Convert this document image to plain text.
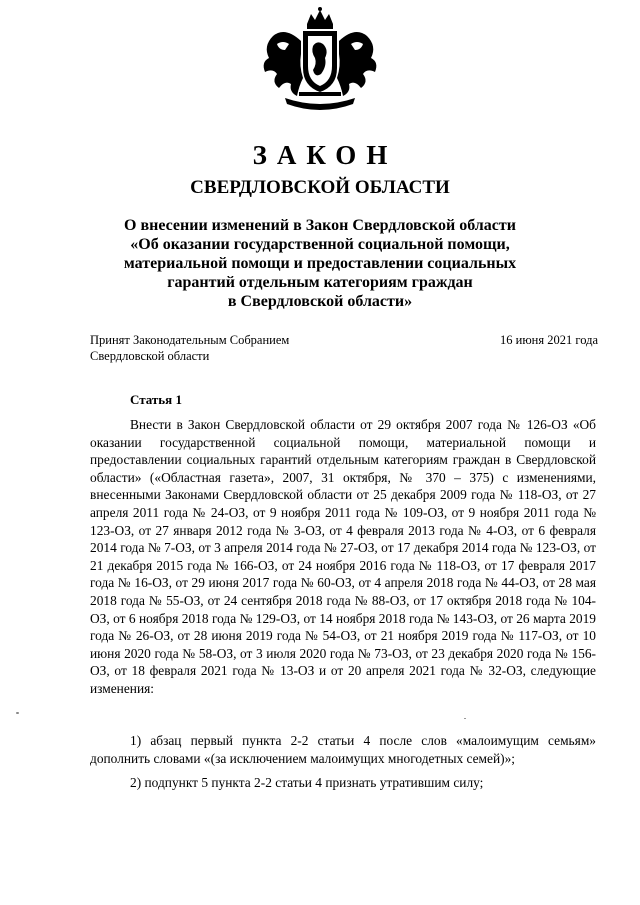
ЗАКОН
СВЕРДЛОВСКОЙ ОБЛАСТИ
О внесении изменений в Закон Свердловской области
«Об оказании государственной социальной помощи,
материальной помощи и предоставлении социальных
гарантий отдельным категориям граждан
в Свердловской области»
Принят Законодательным Собранием
Свердловской области
16 июня 2021 года
Статья 1
Внести в Закон Свердловской области от 29 октября 2007 года № 126-ОЗ «Об оказании государственной социальной помощи, материальной помощи и предоставлении социальных гарантий отдельным категориям граждан в Свердловской области» («Областная газета», 2007, 31 октября, № 370 – 375) с изменениями, внесенными Законами Свердловской области от 25 декабря 2009 года № 118-ОЗ, от 27 апреля 2011 года № 24-ОЗ, от 9 ноября 2011 года № 109-ОЗ, от 9 ноября 2011 года № 123-ОЗ, от 27 января 2012 года № 3-ОЗ, от 4 февраля 2013 года № 4-ОЗ, от 6 февраля 2014 года № 7-ОЗ, от 3 апреля 2014 года № 27-ОЗ, от 17 декабря 2014 года № 123-ОЗ, от 21 декабря 2015 года № 166-ОЗ, от 24 ноября 2016 года № 118-ОЗ, от 17 февраля 2017 года № 16-ОЗ, от 29 июня 2017 года № 60-ОЗ, от 4 апреля 2018 года № 44-ОЗ, от 28 мая 2018 года № 55-ОЗ, от 24 сентября 2018 года № 88-ОЗ, от 17 октября 2018 года № 104-ОЗ, от 6 ноября 2018 года № 129-ОЗ, от 14 ноября 2018 года № 143-ОЗ, от 26 марта 2019 года № 26-ОЗ, от 28 июня 2019 года № 54-ОЗ, от 21 ноября 2019 года № 117-ОЗ, от 10 июня 2020 года № 58-ОЗ, от 3 июля 2020 года № 73-ОЗ, от 23 декабря 2020 года № 156-ОЗ, от 18 февраля 2021 года № 13-ОЗ и от 20 апреля 2021 года № 32-ОЗ, следующие изменения:
1) абзац первый пункта 2-2 статьи 4 после слов «малоимущим семьям» дополнить словами «(за исключением малоимущих многодетных семей)»;
2) подпункт 5 пункта 2-2 статьи 4 признать утратившим силу;
